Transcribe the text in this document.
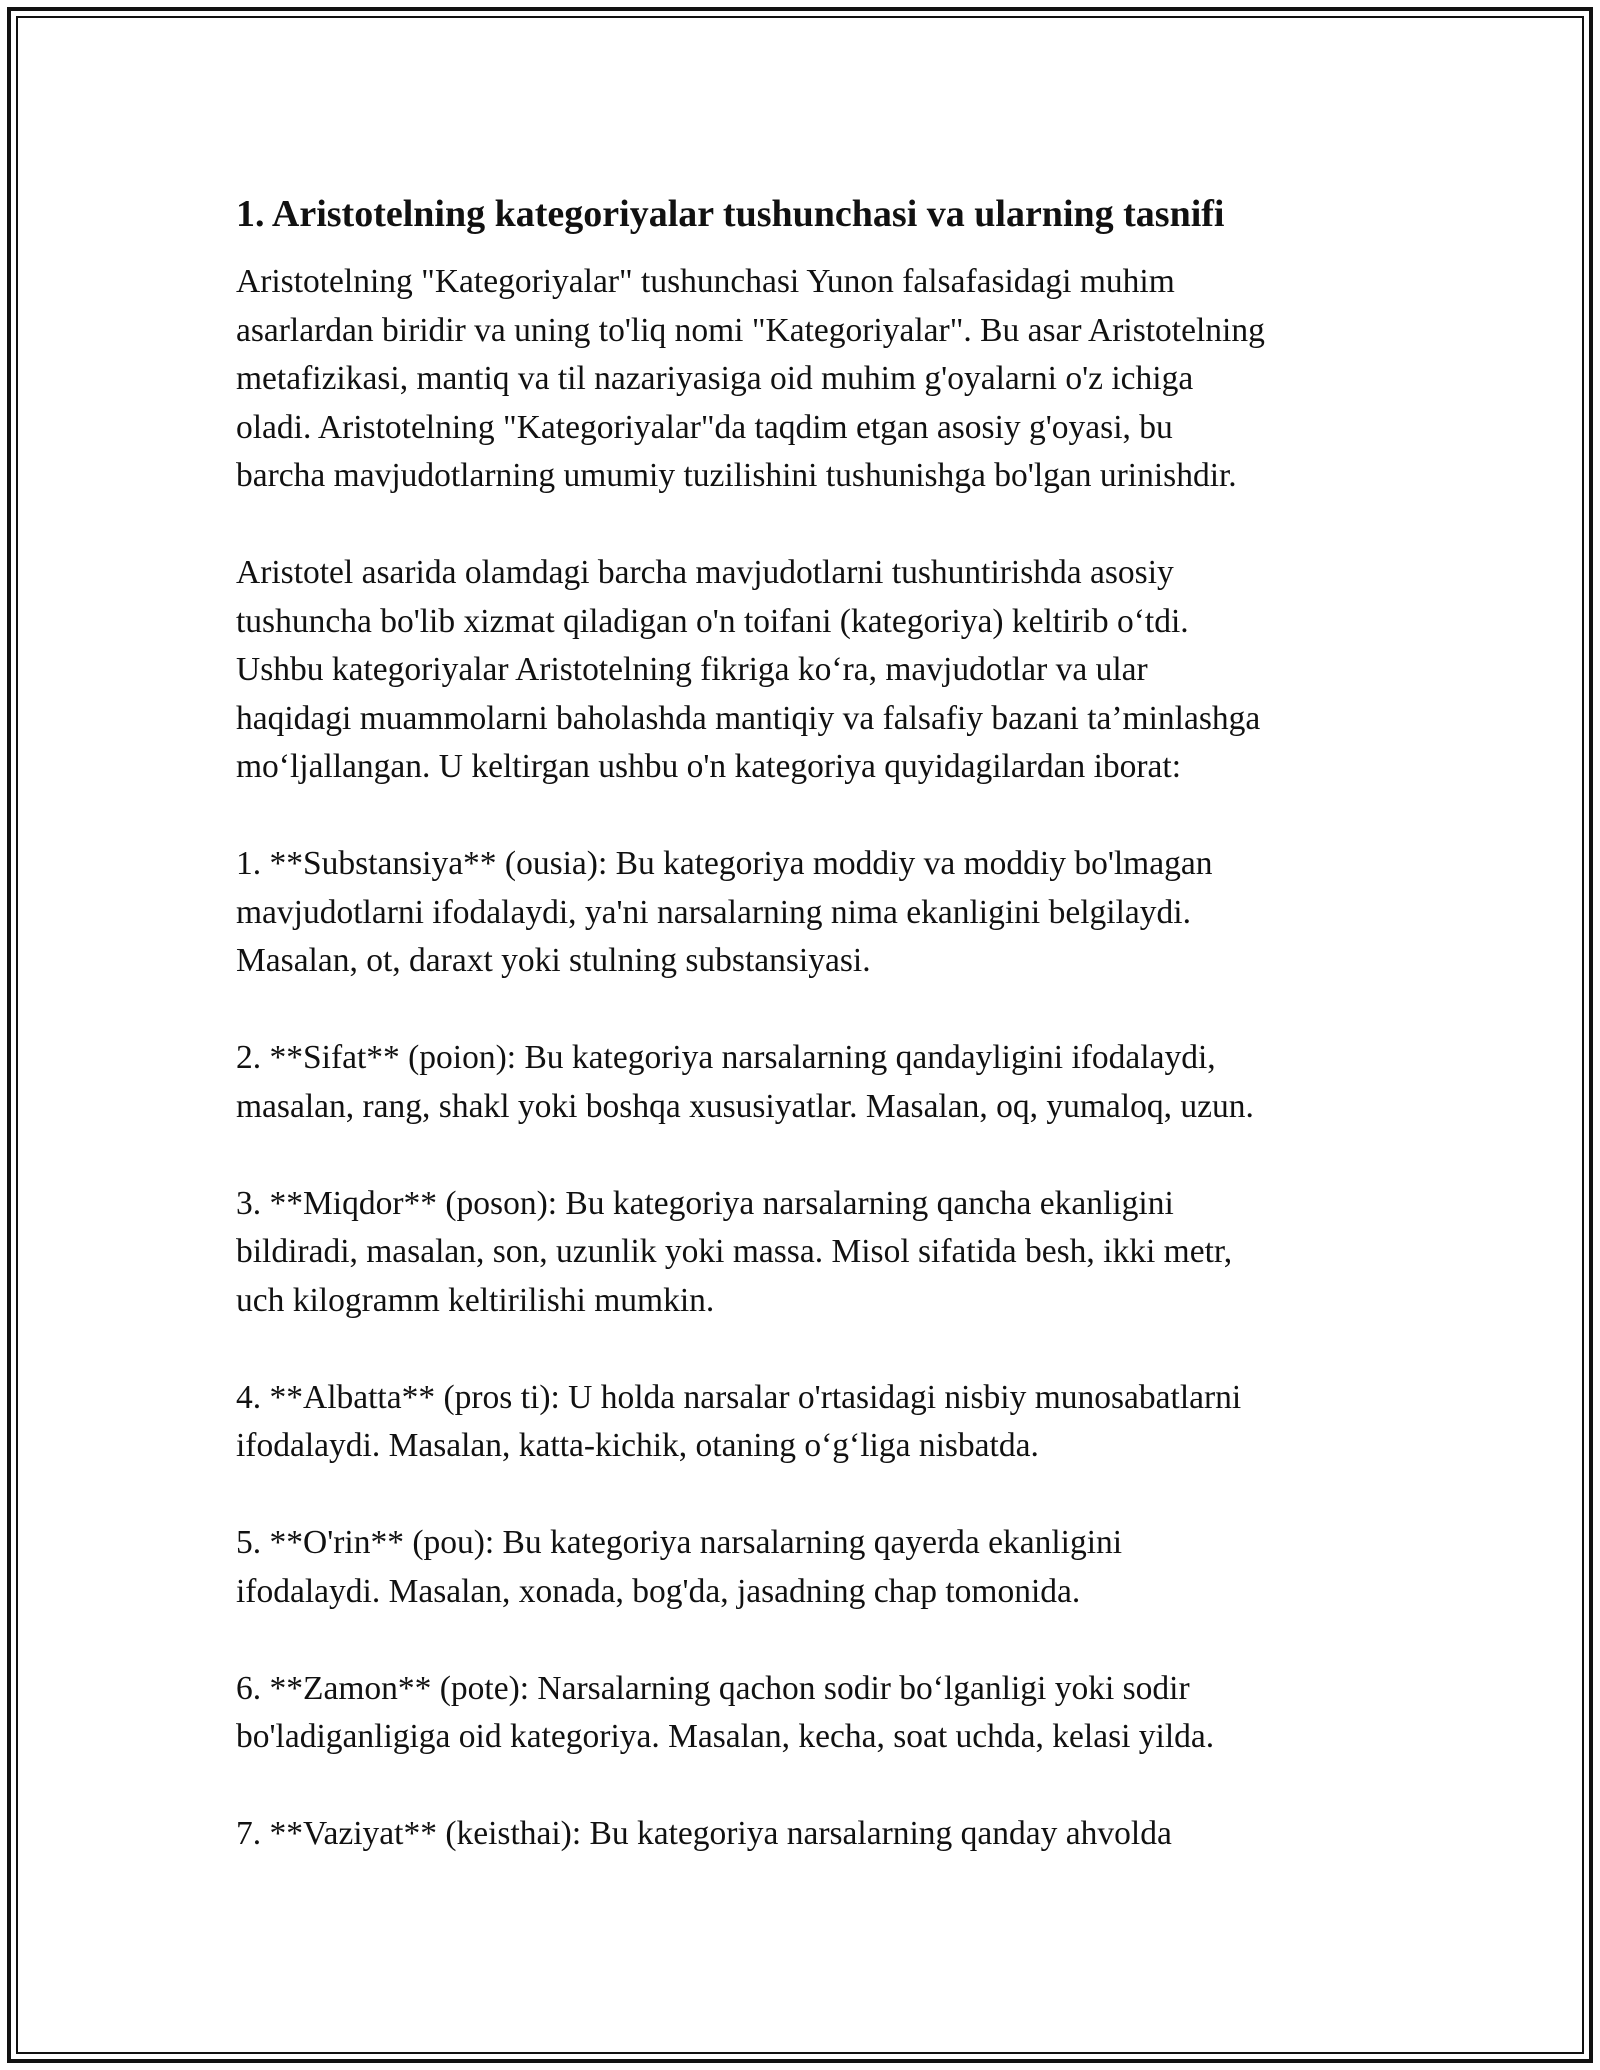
1. Aristotelning kategoriyalar tushunchasi va ularning tasnifi
Aristotelning "Kategoriyalar" tushunchasi Yunon falsafasidagi muhim
asarlardan biridir va uning to'liq nomi "Kategoriyalar". Bu asar Aristotelning
metafizikasi, mantiq va til nazariyasiga oid muhim g'oyalarni o'z ichiga
oladi. Aristotelning "Kategoriyalar"da taqdim etgan asosiy g'oyasi, bu
barcha mavjudotlarning umumiy tuzilishini tushunishga bo'lgan urinishdir.
Aristotel asarida olamdagi barcha mavjudotlarni tushuntirishda asosiy
tushuncha bo'lib xizmat qiladigan o'n toifani (kategoriya) keltirib o‘tdi.
Ushbu kategoriyalar Aristotelning fikriga ko‘ra, mavjudotlar va ular
haqidagi muammolarni baholashda mantiqiy va falsafiy bazani ta’minlashga
mo‘ljallangan. U keltirgan ushbu o'n kategoriya quyidagilardan iborat:
1. **Substansiya** (ousia): Bu kategoriya moddiy va moddiy bo'lmagan
mavjudotlarni ifodalaydi, ya'ni narsalarning nima ekanligini belgilaydi.
Masalan, ot, daraxt yoki stulning substansiyasi.
2. **Sifat** (poion): Bu kategoriya narsalarning qandayligini ifodalaydi,
masalan, rang, shakl yoki boshqa xususiyatlar. Masalan, oq, yumaloq, uzun.
3. **Miqdor** (poson): Bu kategoriya narsalarning qancha ekanligini
bildiradi, masalan, son, uzunlik yoki massa. Misol sifatida besh, ikki metr,
uch kilogramm keltirilishi mumkin.
4. **Albatta** (pros ti): U holda narsalar o'rtasidagi nisbiy munosabatlarni
ifodalaydi. Masalan, katta-kichik, otaning o‘g‘liga nisbatda.
5. **O'rin** (pou): Bu kategoriya narsalarning qayerda ekanligini
ifodalaydi. Masalan, xonada, bog'da, jasadning chap tomonida.
6. **Zamon** (pote): Narsalarning qachon sodir bo‘lganligi yoki sodir
bo'ladiganligiga oid kategoriya. Masalan, kecha, soat uchda, kelasi yilda.
7. **Vaziyat** (keisthai): Bu kategoriya narsalarning qanday ahvolda
